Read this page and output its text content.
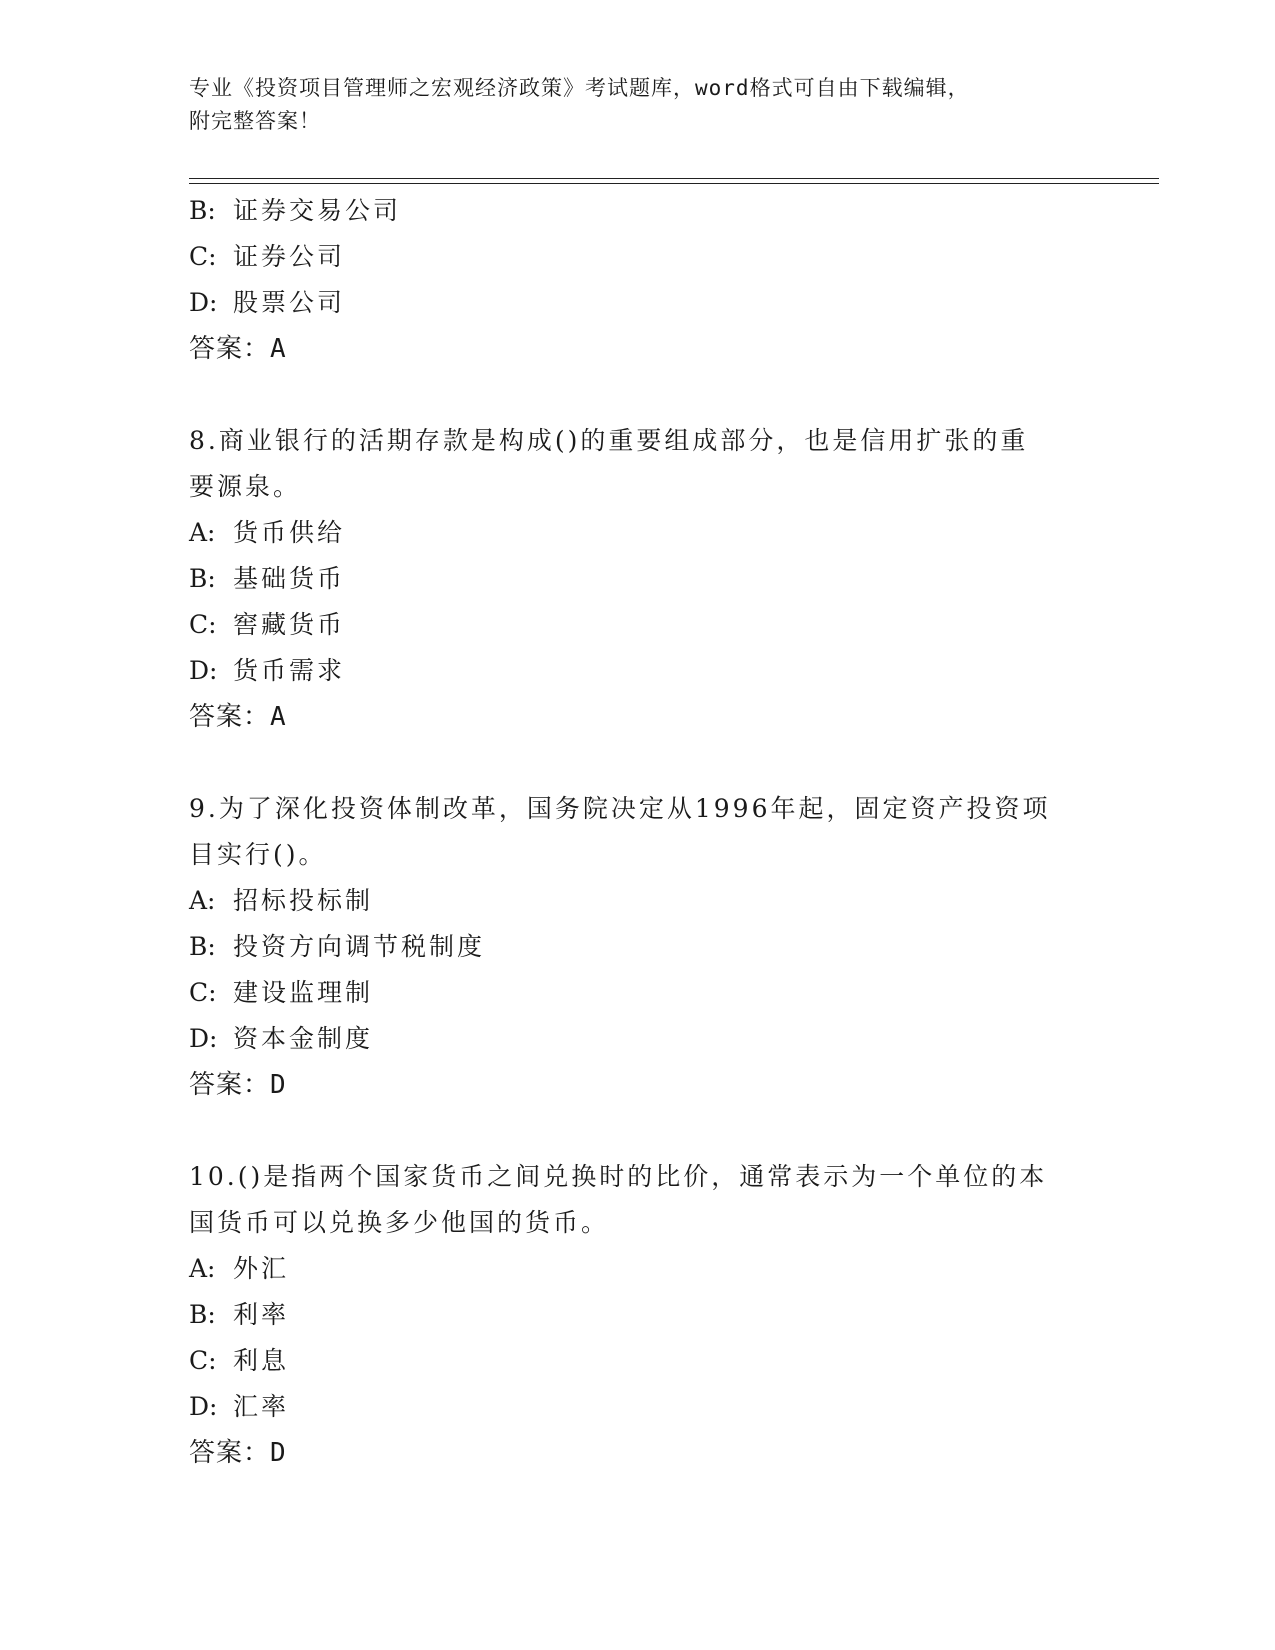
专业《投资项目管理师之宏观经济政策》考试题库，word格式可自由下载编辑，
附完整答案！
B: 证券交易公司
C: 证券公司
D: 股票公司
答案：A
8.商业银行的活期存款是构成()的重要组成部分，也是信用扩张的重
要源泉。
A: 货币供给
B: 基础货币
C: 窖藏货币
D: 货币需求
答案：A
9.为了深化投资体制改革，国务院决定从1996年起，固定资产投资项
目实行()。
A: 招标投标制
B: 投资方向调节税制度
C: 建设监理制
D: 资本金制度
答案：D
10.()是指两个国家货币之间兑换时的比价，通常表示为一个单位的本
国货币可以兑换多少他国的货币。
A: 外汇
B: 利率
C: 利息
D: 汇率
答案：D
